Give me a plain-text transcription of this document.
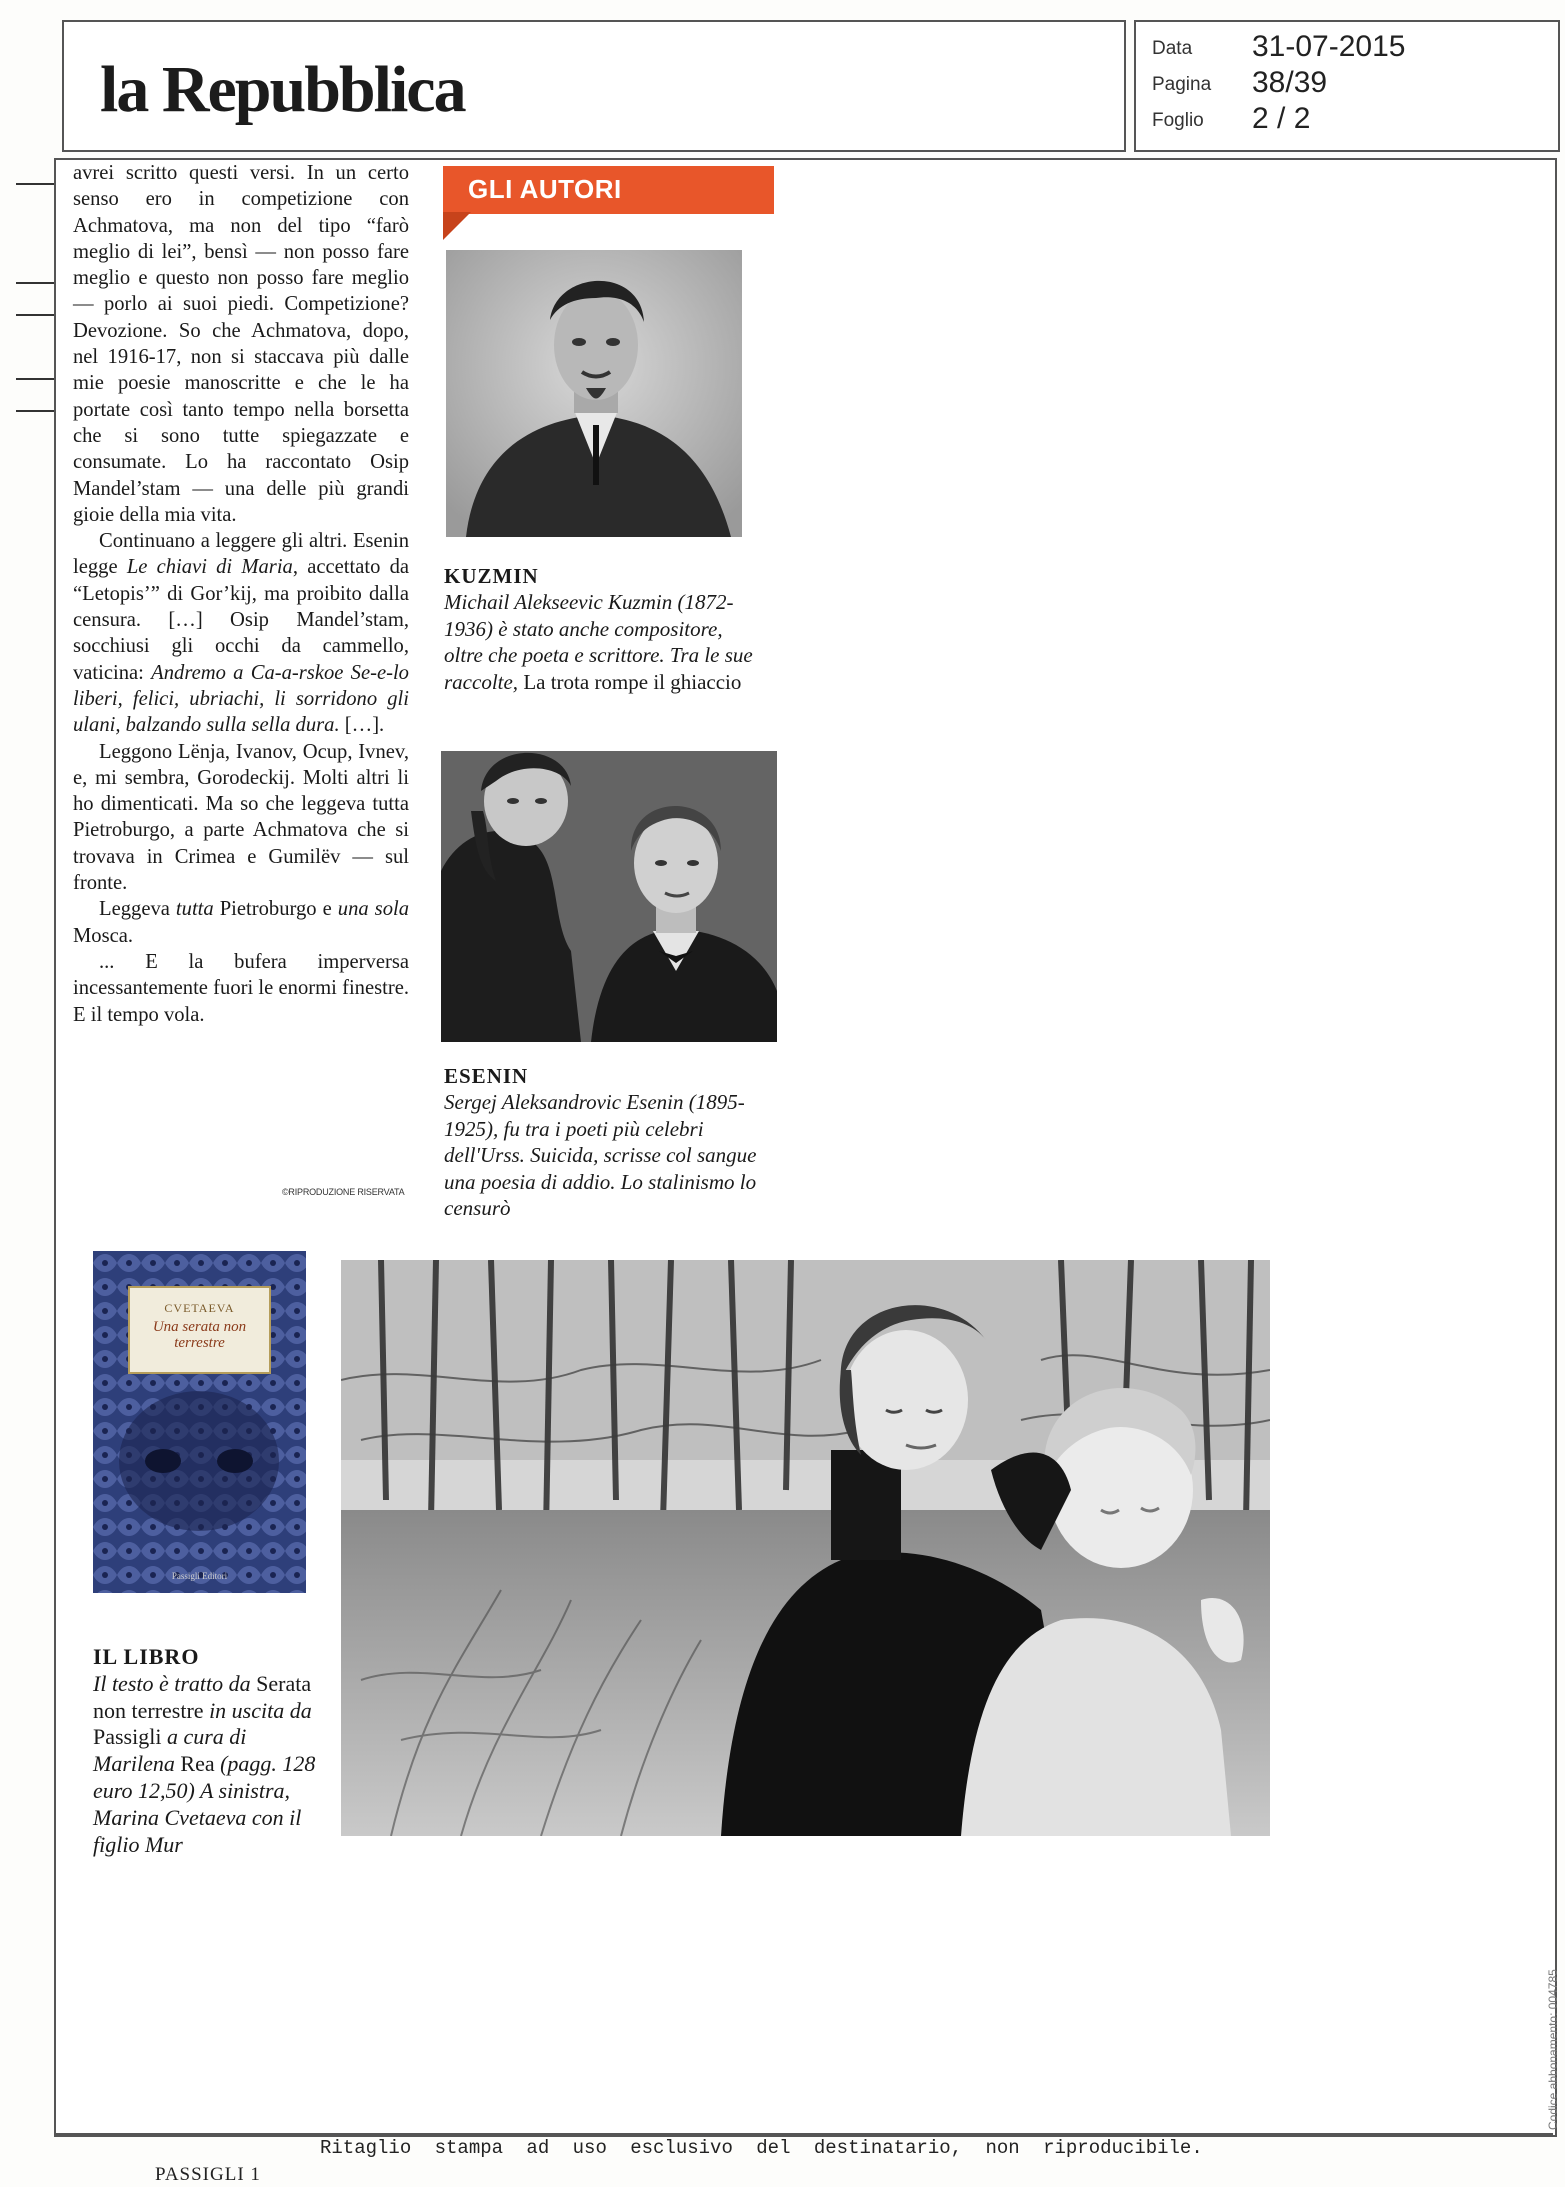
la Repubblica
Data 31-07-2015
Pagina 38/39
Foglio 2 / 2

avrei scritto questi versi. In un certo senso ero in competizione con Achmatova, ma non del tipo “farò meglio di lei”, bensì — non posso fare meglio e questo non posso fare meglio — porlo ai suoi piedi. Competizione? Devozione. So che Achmatova, dopo, nel 1916-17, non si staccava più dalle mie poesie manoscritte e che le ha portate così tanto tempo nella borsetta che si sono tutte spiegazzate e consumate. Lo ha raccontato Osip Mandel’stam — una delle più grandi gioie della mia vita.

Continuano a leggere gli altri. Esenin legge Le chiavi di Maria, accettato da “Letopis’” di Gor’kij, ma proibito dalla censura. […] Osip Mandel’stam, socchiusi gli occhi da cammello, vaticina: Andremo a Ca-a-rskoe Se-e-lo liberi, felici, ubriachi, li sorridono gli ulani, balzando sulla sella dura. […].

Leggono Lënja, Ivanov, Ocup, Ivnev, e, mi sembra, Gorodeckij. Molti altri li ho dimenticati. Ma so che leggeva tutta Pietroburgo, a parte Achmatova che si trovava in Crimea e Gumilëv — sul fronte.

Leggeva tutta Pietroburgo e una sola Mosca.

... E la bufera imperversa incessantemente fuori le enormi finestre. E il tempo vola.

©RIPRODUZIONE RISERVATA
GLI AUTORI
KUZMIN
Michail Alekseevic Kuzmin (1872-1936) è stato anche compositore, oltre che poeta e scrittore. Tra le sue raccolte, La trota rompe il ghiaccio
ESENIN
Sergej Aleksandrovic Esenin (1895-1925), fu tra i poeti più celebri dell'Urss. Suicida, scrisse col sangue una poesia di addio. Lo stalinismo lo censurò
CVETAEVA
Una serata non terrestre
Passigli Editori
IL LIBRO
Il testo è tratto da Serata non terrestre in uscita da Passigli a cura di Marilena Rea (pagg. 128 euro 12,50) A sinistra, Marina Cvetaeva con il figlio Mur
Ritaglio stampa ad uso esclusivo del destinatario, non riproducibile.
PASSIGLI 1
Codice abbonamento: 004785
